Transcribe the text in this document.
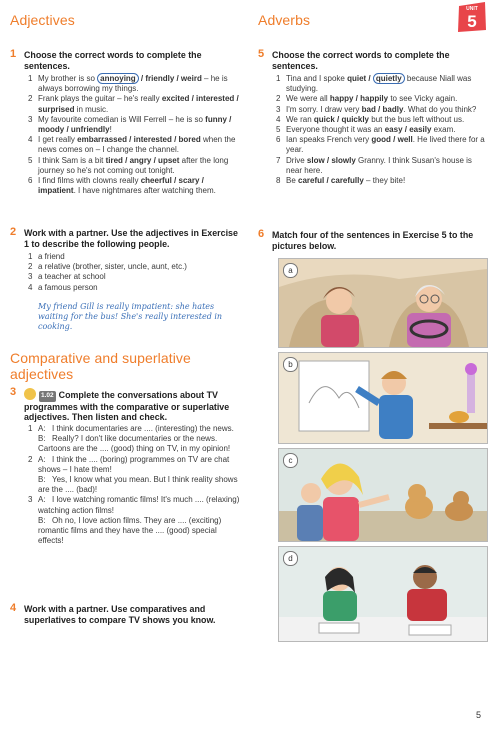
UNIT
5
Adjectives
1 Choose the correct words to complete the sentences.
1 My brother is so annoying / friendly / weird – he is always borrowing my things.
2 Frank plays the guitar – he's really excited / interested / surprised in music.
3 My favourite comedian is Will Ferrell – he is so funny / moody / unfriendly!
4 I get really embarrassed / interested / bored when the news comes on – I change the channel.
5 I think Sam is a bit tired / angry / upset after the long journey so he's not coming out tonight.
6 I find films with clowns really cheerful / scary / impatient. I have nightmares after watching them.
2 Work with a partner. Use the adjectives in Exercise 1 to describe the following people.
1 a friend
2 a relative (brother, sister, uncle, aunt, etc.)
3 a teacher at school
4 a famous person
My friend Gill is really impatient: she hates waiting for the bus! She's really interested in cooking.
Comparative and superlative adjectives
3	1.02 Complete the conversations about TV programmes with the comparative or superlative adjectives. Then listen and check.
1 A: I think documentaries are .... (interesting) the news.
B: Really? I don't like documentaries or the news. Cartoons are the .... (good) thing on TV, in my opinion!
2 A: I think the .... (boring) programmes on TV are chat shows – I hate them!
B: Yes, I know what you mean. But I think reality shows are the .... (bad)!
3 A: I love watching romantic films! It's much .... (relaxing) watching action films!
B: Oh no, I love action films. They are .... (exciting) romantic films and they have the .... (good) special effects!
4 Work with a partner. Use comparatives and superlatives to compare TV shows you know.
Adverbs
5 Choose the correct words to complete the sentences.
1 Tina and I spoke quiet / quietly because Niall was studying.
2 We were all happy / happily to see Vicky again.
3 I'm sorry. I draw very bad / badly. What do you think?
4 We ran quick / quickly but the bus left without us.
5 Everyone thought it was an easy / easily exam.
6 Ian speaks French very good / well. He lived there for a year.
7 Drive slow / slowly Granny. I think Susan's house is near here.
8 Be careful / carefully – they bite!
6 Match four of the sentences in Exercise 5 to the pictures below.
a
b
c
d
5
